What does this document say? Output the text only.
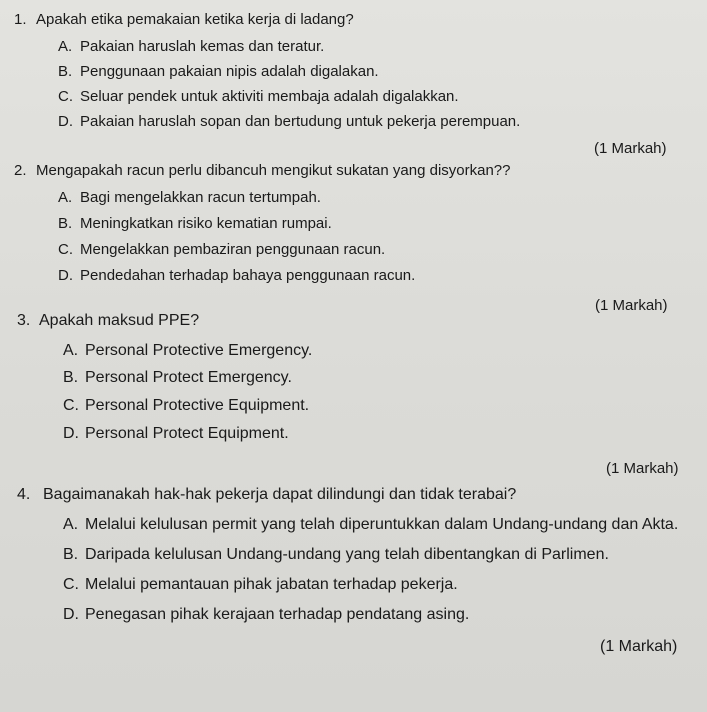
1. Apakah etika pemakaian ketika kerja di ladang?
A. Pakaian haruslah kemas dan teratur.
B. Penggunaan pakaian nipis adalah digalakan.
C. Seluar pendek untuk aktiviti membaja adalah digalakkan.
D. Pakaian haruslah sopan dan bertudung untuk pekerja perempuan.
(1 Markah)
2. Mengapakah racun perlu dibancuh mengikut sukatan yang disyorkan??
A. Bagi mengelakkan racun tertumpah.
B. Meningkatkan risiko kematian rumpai.
C. Mengelakkan pembaziran penggunaan racun.
D. Pendedahan terhadap bahaya penggunaan racun.
(1 Markah)
3. Apakah maksud PPE?
A. Personal Protective Emergency.
B. Personal Protect Emergency.
C. Personal Protective Equipment.
D. Personal Protect Equipment.
(1 Markah)
4. Bagaimanakah hak-hak pekerja dapat dilindungi dan tidak terabai?
A. Melalui kelulusan permit yang telah diperuntukkan dalam Undang-undang dan Akta.
B. Daripada kelulusan Undang-undang yang telah dibentangkan di Parlimen.
C. Melalui pemantauan pihak jabatan terhadap pekerja.
D. Penegasan pihak kerajaan terhadap pendatang asing.
(1 Markah)
